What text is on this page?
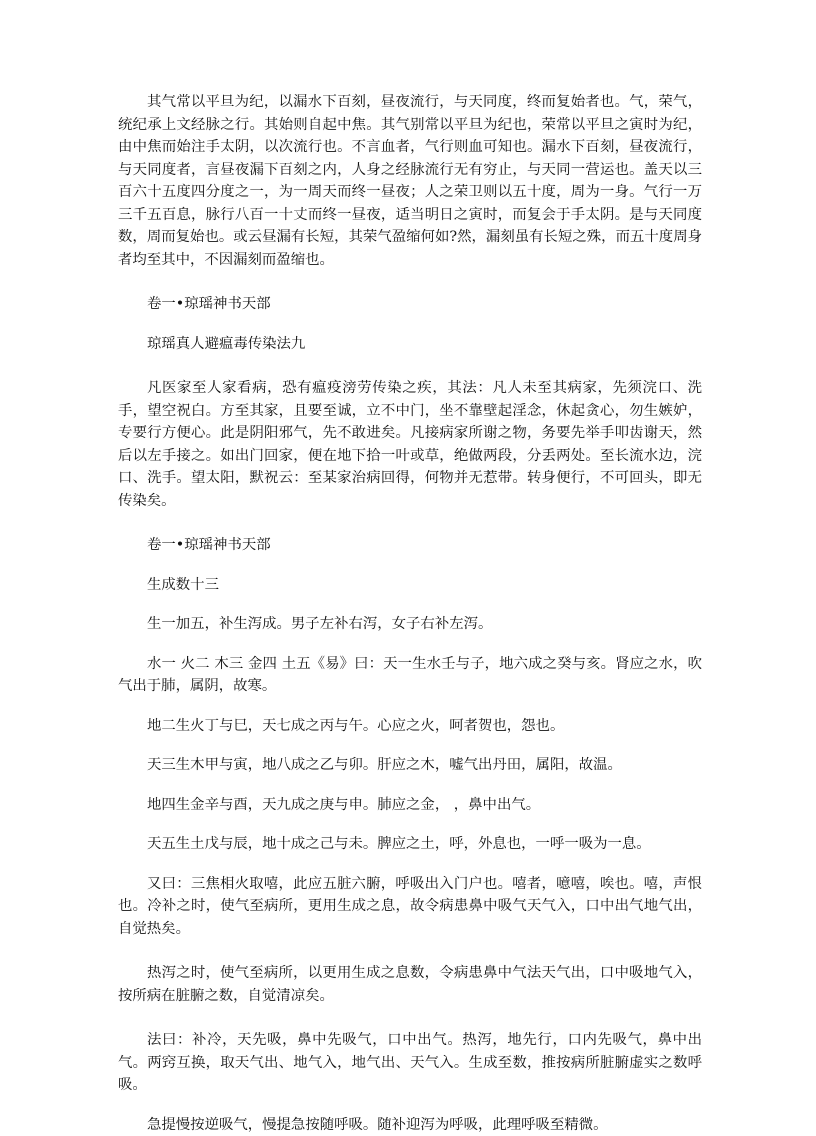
其气常以平旦为纪，以漏水下百刻，昼夜流行，与天同度，终而复始者也。气，荣气，统纪承上文经脉之行。其始则自起中焦。其气别常以平旦为纪也，荣常以平旦之寅时为纪，由中焦而始注手太阴，以次流行也。不言血者，气行则血可知也。漏水下百刻，昼夜流行，与天同度者，言昼夜漏下百刻之内，人身之经脉流行无有穷止，与天同一营运也。盖天以三百六十五度四分度之一，为一周天而终一昼夜；人之荣卫则以五十度，周为一身。气行一万三千五百息，脉行八百一十丈而终一昼夜，适当明日之寅时，而复会于手太阴。是与天同度数，周而复始也。或云昼漏有长短，其荣气盈缩何如?然，漏刻虽有长短之殊，而五十度周身者均至其中，不因漏刻而盈缩也。

卷一•琼瑶神书天部

琼瑶真人避瘟毒传染法九

凡医家至人家看病，恐有瘟疫滂劳传染之疾，其法：凡人未至其病家，先须浣口、洗手，望空祝白。方至其家，且要至诚，立不中门，坐不靠壁起淫念，休起贪心，勿生嫉妒，专要行方便心。此是阴阳邪气，先不敢进矣。凡接病家所谢之物，务要先举手叩齿谢天，然后以左手接之。如出门回家，便在地下拾一叶或草，绝做两段，分丢两处。至长流水边，浣口、洗手。望太阳，默祝云：至某家治病回得，何物并无惹带。转身便行，不可回头，即无传染矣。

卷一•琼瑶神书天部

生成数十三

生一加五，补生泻成。男子左补右泻，女子右补左泻。

水一 火二 木三 金四 土五《易》曰：天一生水壬与子，地六成之癸与亥。肾应之水，吹气出于肺，属阴，故寒。

地二生火丁与巳，天七成之丙与午。心应之火，呵者贺也，怨也。

天三生木甲与寅，地八成之乙与卯。肝应之木，嘘气出丹田，属阳，故温。

地四生金辛与酉，天九成之庚与申。肺应之金， ，鼻中出气。

天五生土戊与辰，地十成之己与未。脾应之土，呼，外息也，一呼一吸为一息。

又曰：三焦相火取嘻，此应五脏六腑，呼吸出入门户也。嘻者，噫嘻，唉也。嘻，声恨也。冷补之时，使气至病所，更用生成之息，故令病患鼻中吸气天气入，口中出气地气出，自觉热矣。

热泻之时，使气至病所，以更用生成之息数，令病患鼻中气法天气出，口中吸地气入，按所病在脏腑之数，自觉清凉矣。

法曰：补冷，天先吸，鼻中先吸气，口中出气。热泻，地先行，口内先吸气，鼻中出气。两窍互换，取天气出、地气入，地气出、天气入。生成至数，推按病所脏腑虚实之数呼吸。

急提慢按逆吸气，慢提急按随呼吸。随补迎泻为呼吸，此理呼吸至精微。
